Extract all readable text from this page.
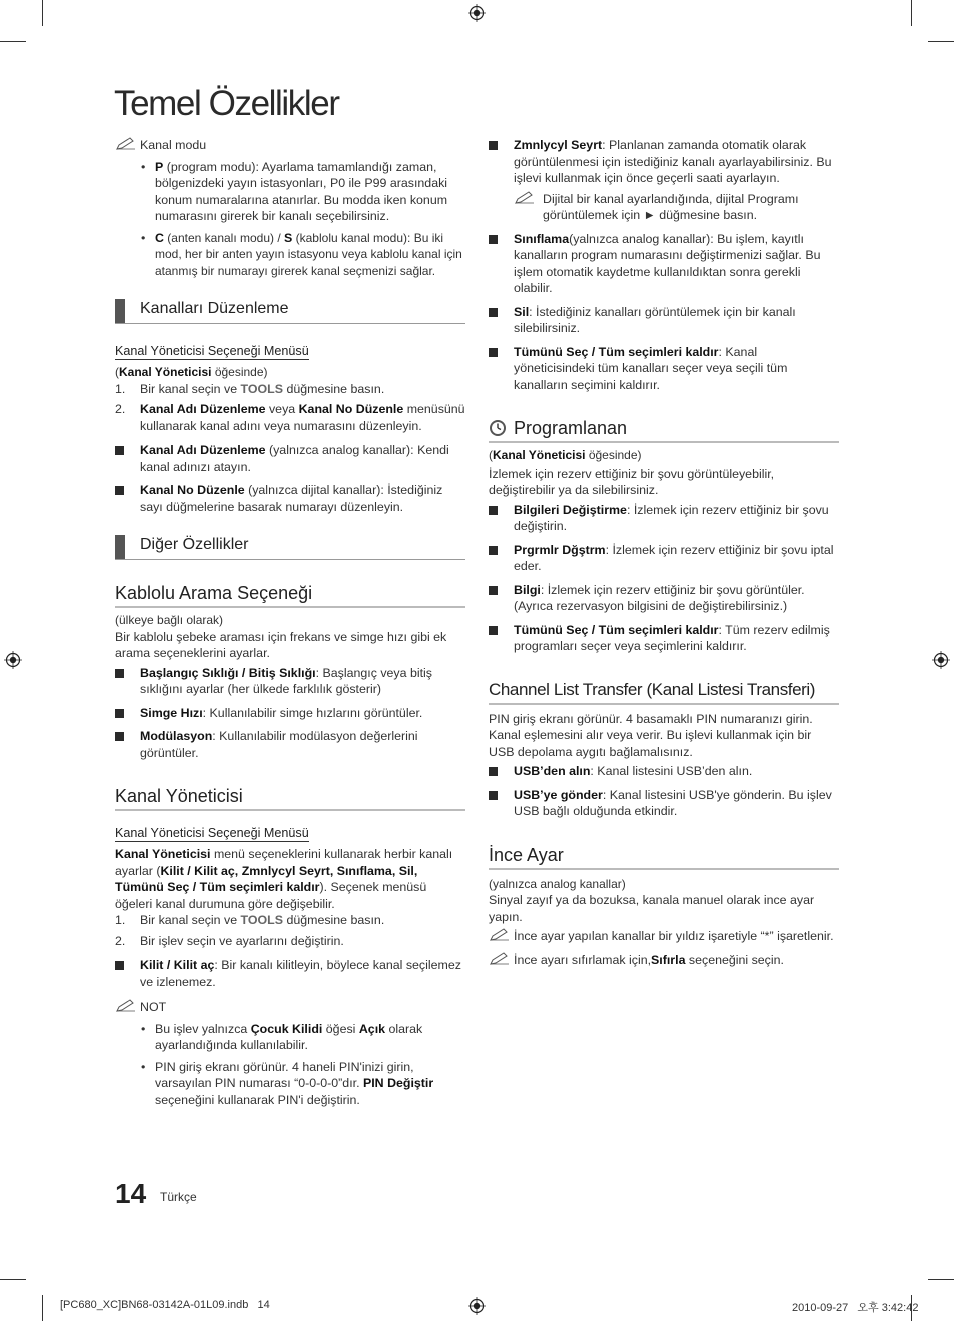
Temel Özellikler

Kanal modu

• P (program modu): Ayarlama tamamlandığı zaman, bölgenizdeki yayın istasyonları, P0 ile P99 arasındaki konum numaralarına atanırlar. Bu modda iken konum numarasını girerek bir kanalı seçebilirsiniz.

• C (anten kanalı modu) / S (kablolu kanal modu): Bu iki mod, her bir anten yayın istasyonu veya kablolu kanal için atanmış bir numarayı girerek kanal seçmenizi sağlar.

Kanalları Düzenleme
Kanal Yöneticisi Seçeneği Menüsü

(Kanal Yöneticisi öğesinde)

1. Bir kanal seçin ve TOOLS düğmesine basın.

2. Kanal Adı Düzenleme veya Kanal No Düzenle menüsünü kullanarak kanal adını veya numarasını düzenleyin.

Kanal Adı Düzenleme (yalnızca analog kanallar): Kendi kanal adınızı atayın.

Kanal No Düzenle (yalnızca dijital kanallar): İstediğiniz sayı düğmelerine basarak numarayı düzenleyin.

Diğer Özellikler
Kablolu Arama Seçeneği

(ülkeye bağlı olarak)

Bir kablolu şebeke araması için frekans ve simge hızı gibi ek arama seçeneklerini ayarlar.

Başlangıç Sıklığı / Bitiş Sıklığı: Başlangıç veya bitiş sıklığını ayarlar (her ülkede farklılık gösterir)

Simge Hızı: Kullanılabilir simge hızlarını görüntüler.

Modülasyon: Kullanılabilir modülasyon değerlerini görüntüler.

Kanal Yöneticisi
Kanal Yöneticisi Seçeneği Menüsü

Kanal Yöneticisi menü seçeneklerini kullanarak herbir kanalı ayarlar (Kilit / Kilit aç, Zmnlycyl Seyrt, Sınıflama, Sil, Tümünü Seç / Tüm seçimleri kaldır). Seçenek menüsü öğeleri kanal durumuna göre değişebilir.

1. Bir kanal seçin ve TOOLS düğmesine basın.

2. Bir işlev seçin ve ayarlarını değiştirin.

Kilit / Kilit aç: Bir kanalı kilitleyin, böylece kanal seçilemez ve izlenemez.

NOT

• Bu işlev yalnızca Çocuk Kilidi öğesi Açık olarak ayarlandığında kullanılabilir.

• PIN giriş ekranı görünür. 4 haneli PIN'inizi girin, varsayılan PIN numarası “0-0-0-0”dır. PIN Değiştir seçeneğini kullanarak PIN'i değiştirin.

Zmnlycyl Seyrt: Planlanan zamanda otomatik olarak görüntülenmesi için istediğiniz kanalı ayarlayabilirsiniz. Bu işlevi kullanmak için önce geçerli saati ayarlayın.

Dijital bir kanal ayarlandığında, dijital Programı görüntülemek için ► düğmesine basın.

Sınıflama(yalnızca analog kanallar): Bu işlem, kayıtlı kanalların program numarasını değiştirmenizi sağlar. Bu işlem otomatik kaydetme kullanıldıktan sonra gerekli olabilir.

Sil: İstediğiniz kanalları görüntülemek için bir kanalı silebilirsiniz.

Tümünü Seç / Tüm seçimleri kaldır: Kanal yöneticisindeki tüm kanalları seçer veya seçili tüm kanalların seçimini kaldırır.

Programlanan

(Kanal Yöneticisi öğesinde)

İzlemek için rezerv ettiğiniz bir şovu görüntüleyebilir, değiştirebilir ya da silebilirsiniz.

Bilgileri Değiştirme: İzlemek için rezerv ettiğiniz bir şovu değiştirin.

Prgrmlr Dğştrm: İzlemek için rezerv ettiğiniz bir şovu iptal eder.

Bilgi: İzlemek için rezerv ettiğiniz bir şovu görüntüler. (Ayrıca rezervasyon bilgisini de değiştirebilirsiniz.)

Tümünü Seç / Tüm seçimleri kaldır: Tüm rezerv edilmiş programları seçer veya seçimlerini kaldırır.

Channel List Transfer (Kanal Listesi Transferi)

PIN giriş ekranı görünür. 4 basamaklı PIN numaranızı girin. Kanal eşlemesini alır veya verir. Bu işlevi kullanmak için bir USB depolama aygıtı bağlamalısınız.

USB’den alın: Kanal listesini USB’den alın.

USB’ye gönder: Kanal listesini USB'ye gönderin. Bu işlev USB bağlı olduğunda etkindir.

İnce Ayar

(yalnızca analog kanallar)

Sinyal zayıf ya da bozuksa, kanala manuel olarak ince ayar yapın.

İnce ayar yapılan kanallar bir yıldız işaretiyle “*” işaretlenir.

İnce ayarı sıfırlamak için,Sıfırla seçeneğini seçin.

14 Türkçe
[PC680_XC]BN68-03142A-01L09.indb   14	2010-09-27   오후 3:42:42
